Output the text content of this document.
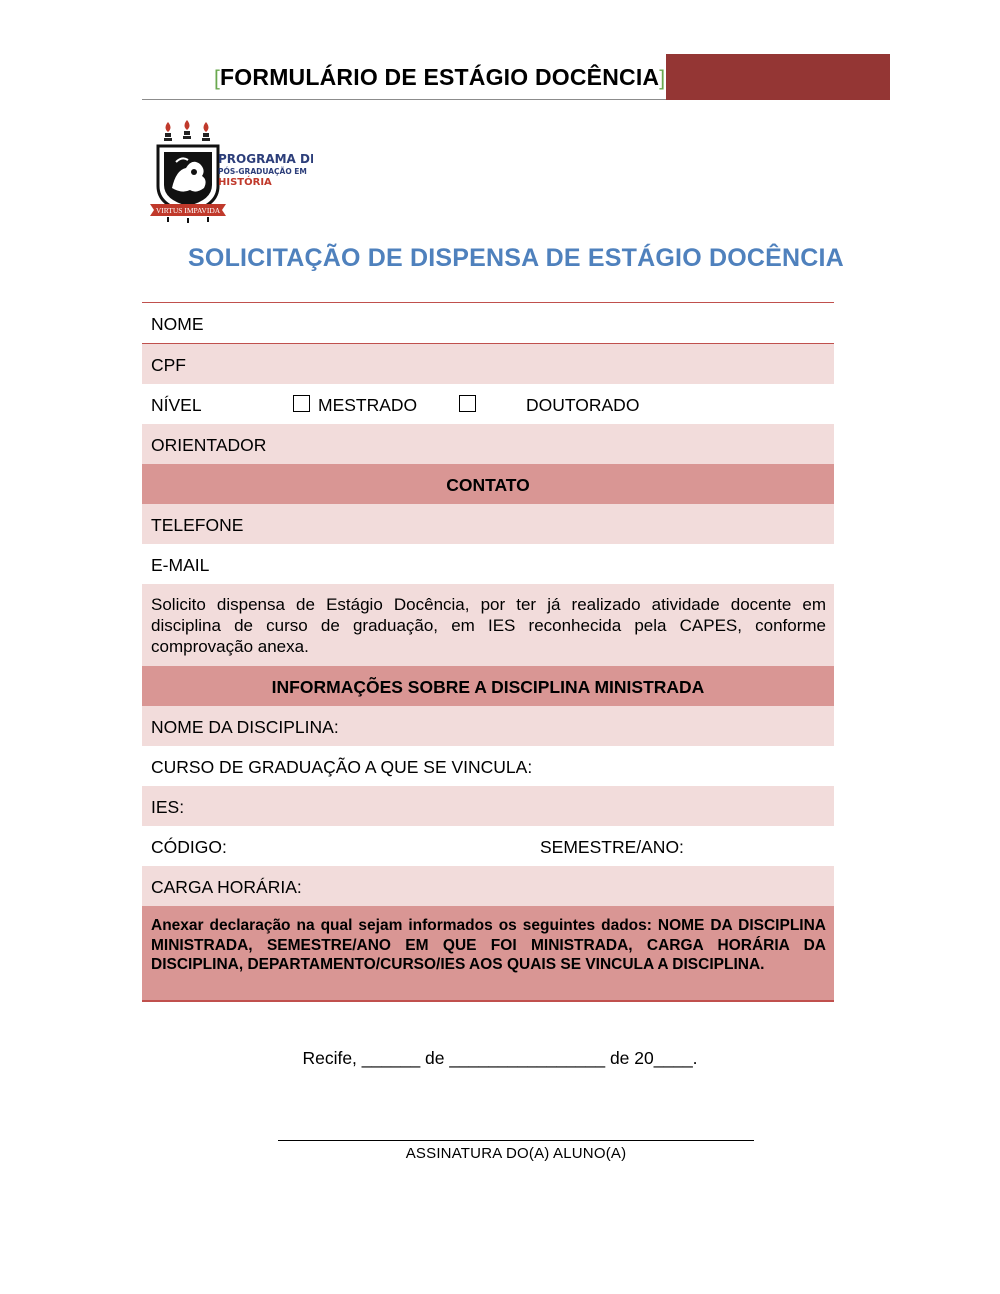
[FORMULÁRIO DE ESTÁGIO DOCÊNCIA]
VIRTUS IMPAVIDA
PROGRAMA DE
PÓS-GRADUAÇÃO EM
HISTÓRIA
SOLICITAÇÃO DE DISPENSA DE ESTÁGIO DOCÊNCIA
NOME
CPF
NÍVEL	MESTRADO	DOUTORADO
ORIENTADOR
CONTATO
TELEFONE
E-MAIL
Solicito dispensa de Estágio Docência, por ter já realizado atividade docente em disciplina de curso de graduação, em IES reconhecida pela CAPES, conforme comprovação anexa.
INFORMAÇÕES SOBRE A DISCIPLINA MINISTRADA
NOME DA DISCIPLINA:
CURSO DE GRADUAÇÃO A QUE SE VINCULA:
IES:
CÓDIGO:	SEMESTRE/ANO:
CARGA HORÁRIA:
Anexar declaração na qual sejam informados os seguintes dados: NOME DA DISCIPLINA MINISTRADA, SEMESTRE/ANO EM QUE FOI MINISTRADA, CARGA HORÁRIA DA DISCIPLINA, DEPARTAMENTO/CURSO/IES AOS QUAIS SE VINCULA A DISCIPLINA.
Recife, ______ de ________________ de 20____.
ASSINATURA DO(A) ALUNO(A)
